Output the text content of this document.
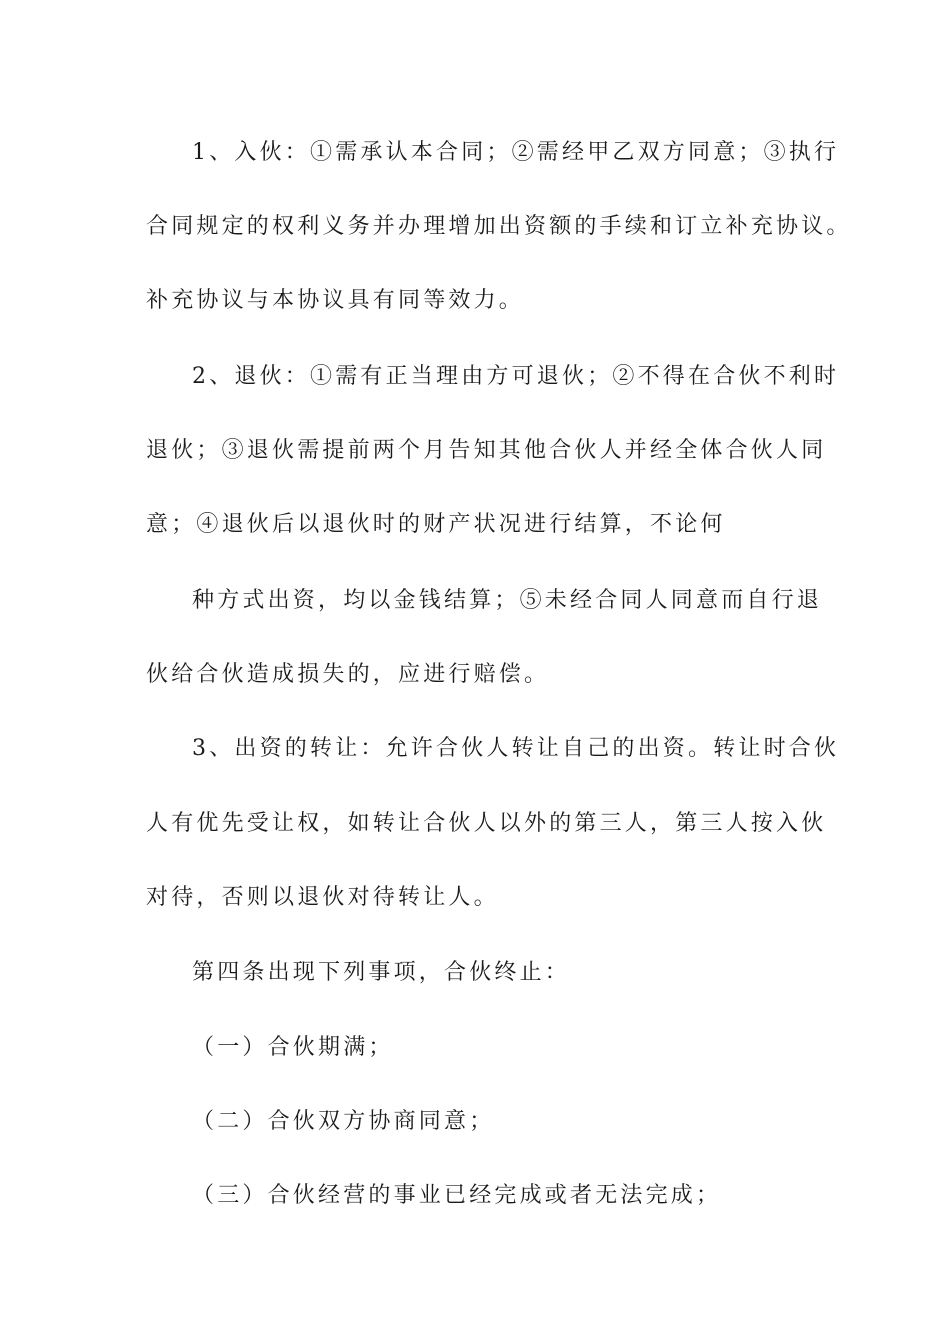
1、入伙：①需承认本合同；②需经甲乙双方同意；③执行
合同规定的权利义务并办理增加出资额的手续和订立补充协议。
补充协议与本协议具有同等效力。
2、退伙：①需有正当理由方可退伙；②不得在合伙不利时
退伙；③退伙需提前两个月告知其他合伙人并经全体合伙人同
意；④退伙后以退伙时的财产状况进行结算，不论何
种方式出资，均以金钱结算；⑤未经合同人同意而自行退
伙给合伙造成损失的，应进行赔偿。
3、出资的转让：允许合伙人转让自己的出资。转让时合伙
人有优先受让权，如转让合伙人以外的第三人，第三人按入伙
对待，否则以退伙对待转让人。
第四条出现下列事项，合伙终止：
（一）合伙期满；
（二）合伙双方协商同意；
（三）合伙经营的事业已经完成或者无法完成；
